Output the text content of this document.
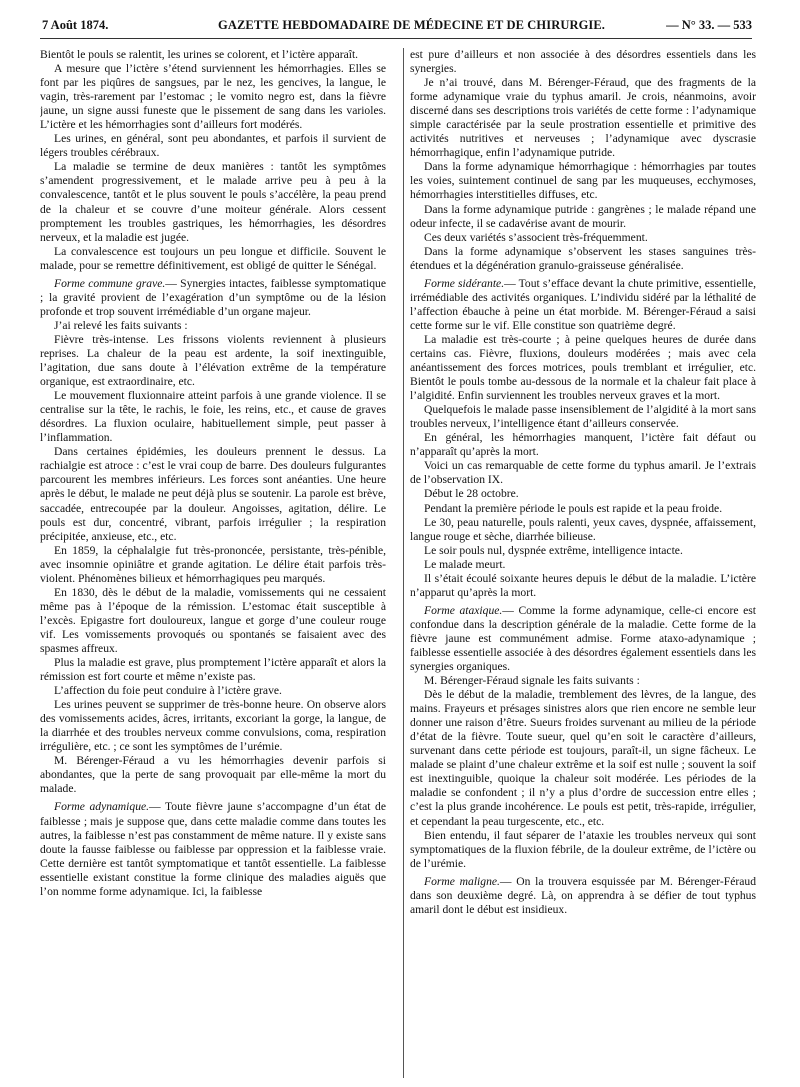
7 Août 1874.	GAZETTE HEBDOMADAIRE DE MÉDECINE ET DE CHIRURGIE.	— N° 33. — 533

Bientôt le pouls se ralentit, les urines se colorent, et l’ictère apparaît.

A mesure que l’ictère s’étend surviennent les hémorrhagies. Elles se font par les piqûres de sangsues, par le nez, les gencives, la langue, le vagin, très-rarement par l’estomac ; le vomito negro est, dans la fièvre jaune, un signe aussi funeste que le pissement de sang dans les varioles. L’ictère et les hémorrhagies sont d’ailleurs fort modérés.

Les urines, en général, sont peu abondantes, et parfois il survient de légers troubles cérébraux.

La maladie se termine de deux manières : tantôt les symptômes s’amendent progressivement, et le malade arrive peu à peu à la convalescence, tantôt et le plus souvent le pouls s’accélère, la peau prend de la chaleur et se couvre d’une moiteur générale. Alors cessent promptement les troubles gastriques, les hémorrhagies, les désordres nerveux, et la maladie est jugée.

La convalescence est toujours un peu longue et difficile. Souvent le malade, pour se remettre définitivement, est obligé de quitter le Sénégal.

Forme commune grave.— Synergies intactes, faiblesse symptomatique ; la gravité provient de l’exagération d’un symptôme ou de la lésion profonde et trop souvent irrémédiable d’un organe majeur.

J’ai relevé les faits suivants :

Fièvre très-intense. Les frissons violents reviennent à plusieurs reprises. La chaleur de la peau est ardente, la soif inextinguible, l’agitation, due sans doute à l’élévation extrême de la température organique, est extraordinaire, etc.

Le mouvement fluxionnaire atteint parfois à une grande violence. Il se centralise sur la tête, le rachis, le foie, les reins, etc., et cause de graves désordres. La fluxion oculaire, habituellement simple, peut passer à l’inflammation.

Dans certaines épidémies, les douleurs prennent le dessus. La rachialgie est atroce : c’est le vrai coup de barre. Des douleurs fulgurantes parcourent les membres inférieurs. Les forces sont anéanties. Une heure après le début, le malade ne peut déjà plus se soutenir. La parole est brève, saccadée, entrecoupée par la douleur. Angoisses, agitation, délire. Le pouls est dur, concentré, vibrant, parfois irrégulier ; la respiration précipitée, anxieuse, etc., etc.

En 1859, la céphalalgie fut très-prononcée, persistante, très-pénible, avec insomnie opiniâtre et grande agitation. Le délire était parfois très-violent. Phénomènes bilieux et hémorrhagiques peu marqués.

En 1830, dès le début de la maladie, vomissements qui ne cessaient même pas à l’époque de la rémission. L’estomac était susceptible à l’excès. Epigastre fort douloureux, langue et gorge d’une couleur rouge vif. Les vomissements provoqués ou spontanés se faisaient avec des spasmes affreux.

Plus la maladie est grave, plus promptement l’ictère apparaît et alors la rémission est fort courte et même n’existe pas.

L’affection du foie peut conduire à l’ictère grave.

Les urines peuvent se supprimer de très-bonne heure. On observe alors des vomissements acides, âcres, irritants, excoriant la gorge, la langue, de la diarrhée et des troubles nerveux comme convulsions, coma, respiration irrégulière, etc. ; ce sont les symptômes de l’urémie.

M. Bérenger-Féraud a vu les hémorrhagies devenir parfois si abondantes, que la perte de sang provoquait par elle-même la mort du malade.

Forme adynamique.— Toute fièvre jaune s’accompagne d’un état de faiblesse ; mais je suppose que, dans cette maladie comme dans toutes les autres, la faiblesse n’est pas constamment de même nature. Il y existe sans doute la fausse faiblesse ou faiblesse par oppression et la faiblesse vraie. Cette dernière est tantôt symptomatique et tantôt essentielle. La faiblesse essentielle existant constitue la forme clinique des maladies aiguës que l’on nomme forme adynamique. Ici, la faiblesse

est pure d’ailleurs et non associée à des désordres essentiels dans les synergies.

Je n’ai trouvé, dans M. Bérenger-Féraud, que des fragments de la forme adynamique vraie du typhus amaril. Je crois, néanmoins, avoir discerné dans ses descriptions trois variétés de cette forme : l’adynamique simple caractérisée par la seule prostration essentielle et primitive des activités nutritives et nerveuses ; l’adynamique avec dyscrasie hémorrhagique, enfin l’adynamique putride.

Dans la forme adynamique hémorrhagique : hémorrhagies par toutes les voies, suintement continuel de sang par les muqueuses, ecchymoses, hémorrhagies interstitielles diffuses, etc.

Dans la forme adynamique putride : gangrènes ; le malade répand une odeur infecte, il se cadavérise avant de mourir.

Ces deux variétés s’associent très-fréquemment.

Dans la forme adynamique s’observent les stases sanguines très-étendues et la dégénération granulo-graisseuse généralisée.

Forme sidérante.— Tout s’efface devant la chute primitive, essentielle, irrémédiable des activités organiques. L’individu sidéré par la léthalité de l’affection ébauche à peine un état morbide. M. Bérenger-Féraud a saisi cette forme sur le vif. Elle constitue son quatrième degré.

La maladie est très-courte ; à peine quelques heures de durée dans certains cas. Fièvre, fluxions, douleurs modérées ; mais avec cela anéantissement des forces motrices, pouls tremblant et irrégulier, etc. Bientôt le pouls tombe au-dessous de la normale et la chaleur fait place à l’algidité. Enfin surviennent les troubles nerveux graves et la mort.

Quelquefois le malade passe insensiblement de l’algidité à la mort sans troubles nerveux, l’intelligence étant d’ailleurs conservée.

En général, les hémorrhagies manquent, l’ictère fait défaut ou n’apparaît qu’après la mort.

Voici un cas remarquable de cette forme du typhus amaril. Je l’extrais de l’observation IX.

Début le 28 octobre.

Pendant la première période le pouls est rapide et la peau froide.

Le 30, peau naturelle, pouls ralenti, yeux caves, dyspnée, affaissement, langue rouge et sèche, diarrhée bilieuse.

Le soir pouls nul, dyspnée extrême, intelligence intacte.

Le malade meurt.

Il s’était écoulé soixante heures depuis le début de la maladie. L’ictère n’apparut qu’après la mort.

Forme ataxique.— Comme la forme adynamique, celle-ci encore est confondue dans la description générale de la maladie. Cette forme de la fièvre jaune est communément admise. Forme ataxo-adynamique ; faiblesse essentielle associée à des désordres également essentiels dans les synergies organiques.

M. Bérenger-Féraud signale les faits suivants :

Dès le début de la maladie, tremblement des lèvres, de la langue, des mains. Frayeurs et présages sinistres alors que rien encore ne semble leur donner une raison d’être. Sueurs froides survenant au milieu de la période d’état de la fièvre. Toute sueur, quel qu’en soit le caractère d’ailleurs, survenant dans cette période est toujours, paraît-il, un signe fâcheux. Le malade se plaint d’une chaleur extrême et la soif est nulle ; souvent la soif est inextinguible, quoique la chaleur soit modérée. Les périodes de la maladie se confondent ; il n’y a plus d’ordre de succession entre elles ; c’est la plus grande incohérence. Le pouls est petit, très-rapide, irrégulier, et cependant la peau turgescente, etc., etc.

Bien entendu, il faut séparer de l’ataxie les troubles nerveux qui sont symptomatiques de la fluxion fébrile, de la douleur extrême, de l’ictère ou de l’urémie.

Forme maligne.— On la trouvera esquissée par M. Bérenger-Féraud dans son deuxième degré. Là, on apprendra à se défier de tout typhus amaril dont le début est insidieux.
